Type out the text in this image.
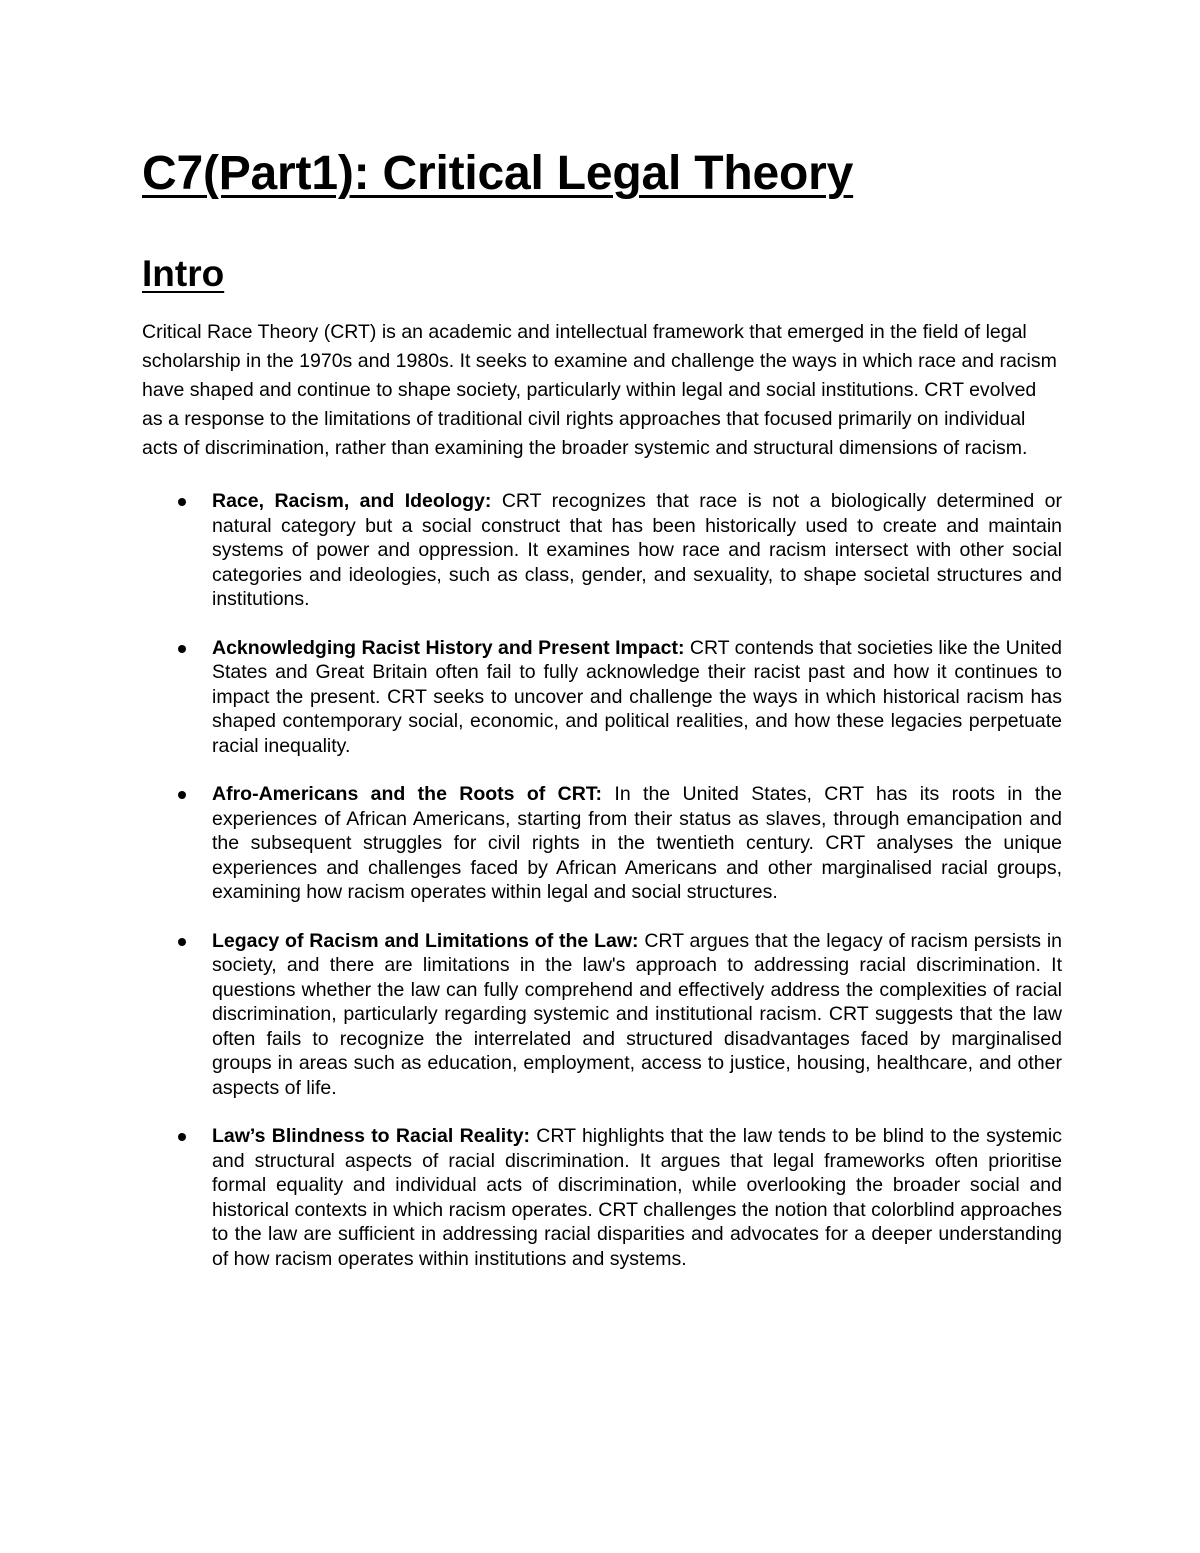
C7(Part1): Critical Legal Theory
Intro

Critical Race Theory (CRT) is an academic and intellectual framework that emerged in the field of legal scholarship in the 1970s and 1980s. It seeks to examine and challenge the ways in which race and racism have shaped and continue to shape society, particularly within legal and social institutions. CRT evolved as a response to the limitations of traditional civil rights approaches that focused primarily on individual acts of discrimination, rather than examining the broader systemic and structural dimensions of racism.

Race, Racism, and Ideology: CRT recognizes that race is not a biologically determined or natural category but a social construct that has been historically used to create and maintain systems of power and oppression. It examines how race and racism intersect with other social categories and ideologies, such as class, gender, and sexuality, to shape societal structures and institutions.
Acknowledging Racist History and Present Impact: CRT contends that societies like the United States and Great Britain often fail to fully acknowledge their racist past and how it continues to impact the present. CRT seeks to uncover and challenge the ways in which historical racism has shaped contemporary social, economic, and political realities, and how these legacies perpetuate racial inequality.
Afro-Americans and the Roots of CRT: In the United States, CRT has its roots in the experiences of African Americans, starting from their status as slaves, through emancipation and the subsequent struggles for civil rights in the twentieth century. CRT analyses the unique experiences and challenges faced by African Americans and other marginalised racial groups, examining how racism operates within legal and social structures.
Legacy of Racism and Limitations of the Law: CRT argues that the legacy of racism persists in society, and there are limitations in the law's approach to addressing racial discrimination. It questions whether the law can fully comprehend and effectively address the complexities of racial discrimination, particularly regarding systemic and institutional racism. CRT suggests that the law often fails to recognize the interrelated and structured disadvantages faced by marginalised groups in areas such as education, employment, access to justice, housing, healthcare, and other aspects of life.
Law’s Blindness to Racial Reality: CRT highlights that the law tends to be blind to the systemic and structural aspects of racial discrimination. It argues that legal frameworks often prioritise formal equality and individual acts of discrimination, while overlooking the broader social and historical contexts in which racism operates. CRT challenges the notion that colorblind approaches to the law are sufficient in addressing racial disparities and advocates for a deeper understanding of how racism operates within institutions and systems.
